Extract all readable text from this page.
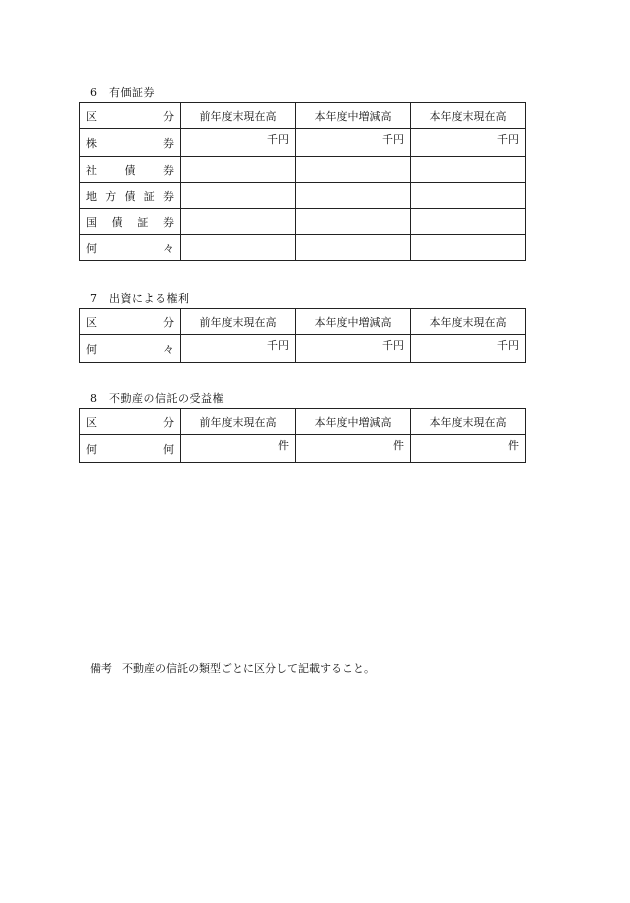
6　有価証券
区 分	前年度末現在高	本年度中増減高	本年度末現在高

株 券	千円	千円	千円

社 債 券			

地 方 債 証 券			

国 債 証 券			

何 々			

7　出資による権利
区 分	前年度末現在高	本年度中増減高	本年度末現在高

何 々	千円	千円	千円
8　不動産の信託の受益権
区 分	前年度末現在高	本年度中増減高	本年度末現在高

何 何	件	件	件
備考 不動産の信託の類型ごとに区分して記載すること。
